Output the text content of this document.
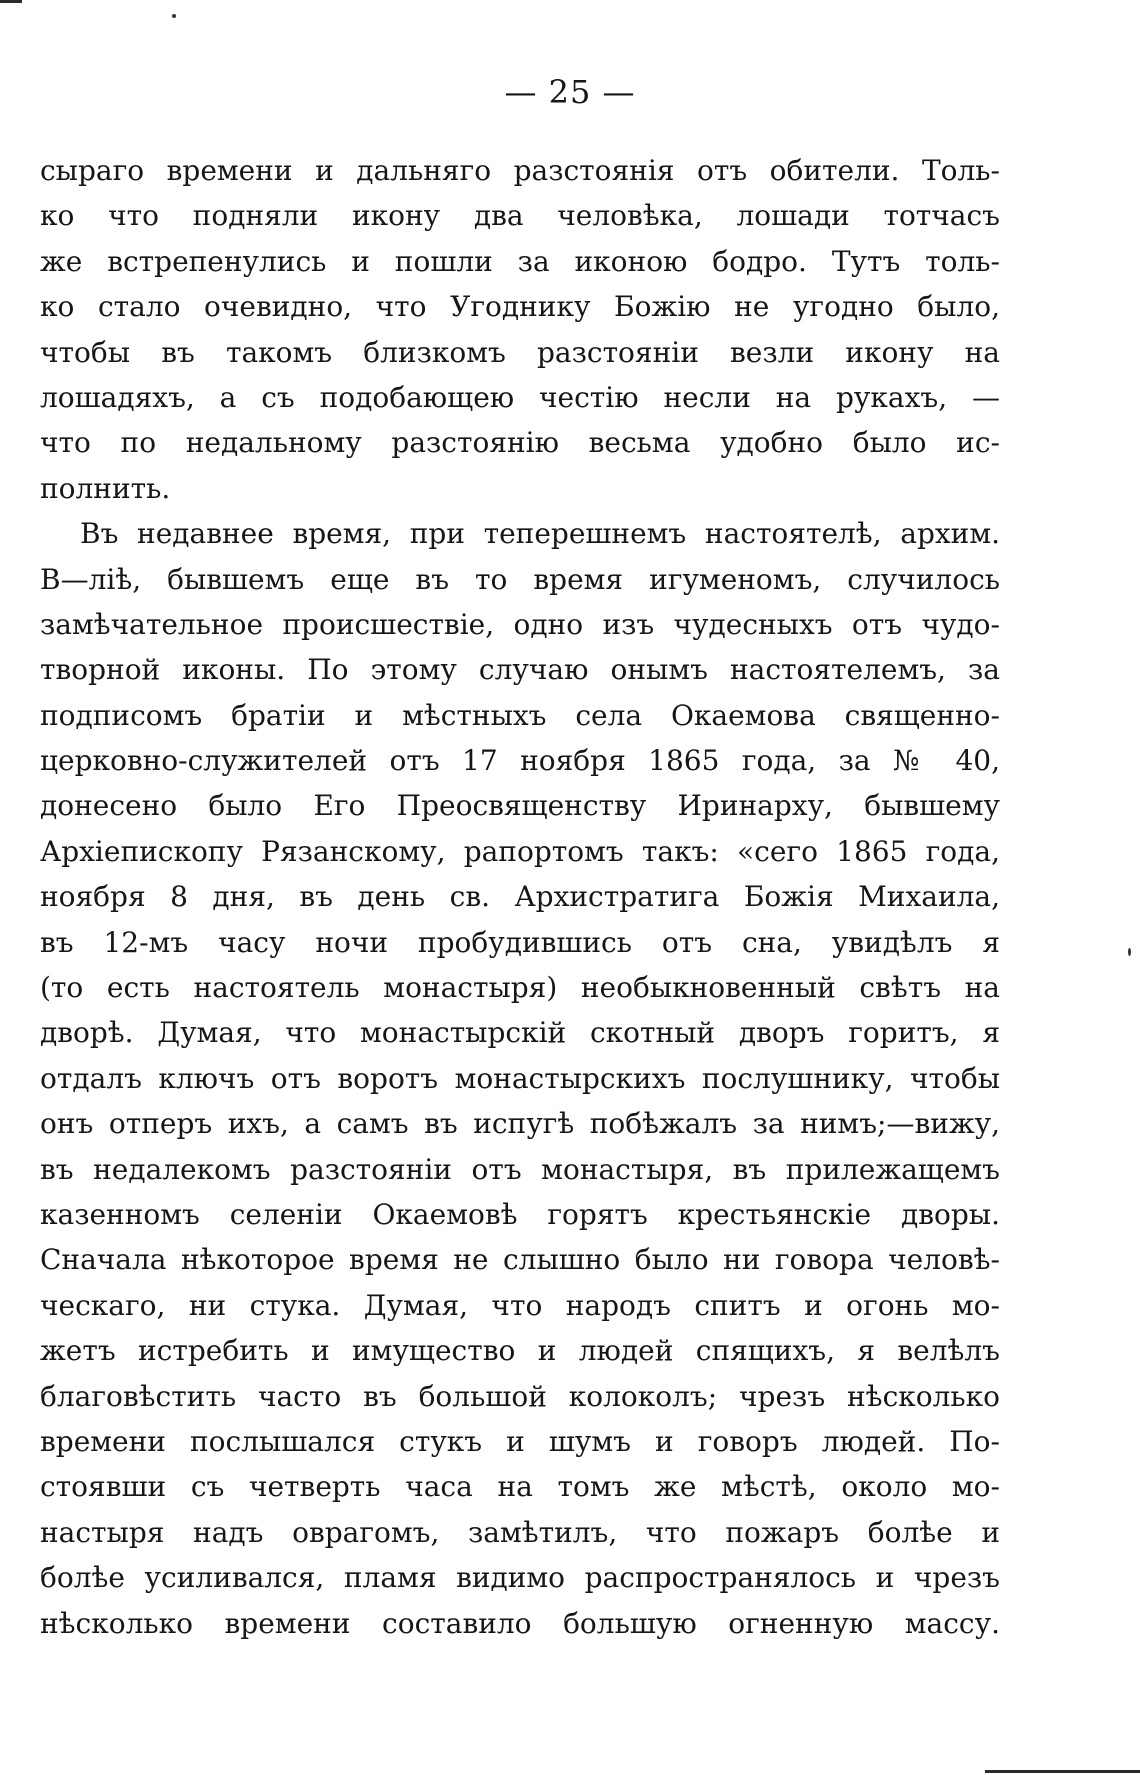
— 25 —
сыраго времени и дальняго разстоянія отъ обители. Толь-
ко что подняли икону два человѣка, лошади тотчасъ
же встрепенулись и пошли за иконою бодро. Тутъ толь-
ко стало очевидно, что Угоднику Божію не угодно было,
чтобы въ такомъ близкомъ разстояніи везли икону на
лошадяхъ, а съ подобающею честію несли на рукахъ, —
что по недальному разстоянію весьма удобно было ис-
полнить.
Въ недавнее время, при теперешнемъ настоятелѣ, архим.
В—ліѣ, бывшемъ еще въ то время игуменомъ, случилось
замѣчательное происшествіе, одно изъ чудесныхъ отъ чудо-
творной иконы. По этому случаю онымъ настоятелемъ, за
подписомъ братіи и мѣстныхъ села Окаемова священно-
церковно-служителей отъ 17 ноября 1865 года, за № 40,
донесено было Его Преосвященству Иринарху, бывшему
Архіепископу Рязанскому, рапортомъ такъ: «сего 1865 года,
ноября 8 дня, въ день св. Архистратига Божія Михаила,
въ 12-мъ часу ночи пробудившись отъ сна, увидѣлъ я
(то есть настоятель монастыря) необыкновенный свѣтъ на
дворѣ. Думая, что монастырскій скотный дворъ горитъ, я
отдалъ ключъ отъ воротъ монастырскихъ послушнику, чтобы
онъ отперъ ихъ, а самъ въ испугѣ побѣжалъ за нимъ;—вижу,
въ недалекомъ разстояніи отъ монастыря, въ прилежащемъ
казенномъ селеніи Окаемовѣ горятъ крестьянскіе дворы.
Сначала нѣкоторое время не слышно было ни говора человѣ-
ческаго, ни стука. Думая, что народъ спитъ и огонь мо-
жетъ истребить и имущество и людей спящихъ, я велѣлъ
благовѣстить часто въ большой колоколъ; чрезъ нѣсколько
времени послышался стукъ и шумъ и говоръ людей. По-
стоявши съ четверть часа на томъ же мѣстѣ, около мо-
настыря надъ оврагомъ, замѣтилъ, что пожаръ болѣе и
болѣе усиливался, пламя видимо распространялось и чрезъ
нѣсколько времени составило большую огненную массу.
